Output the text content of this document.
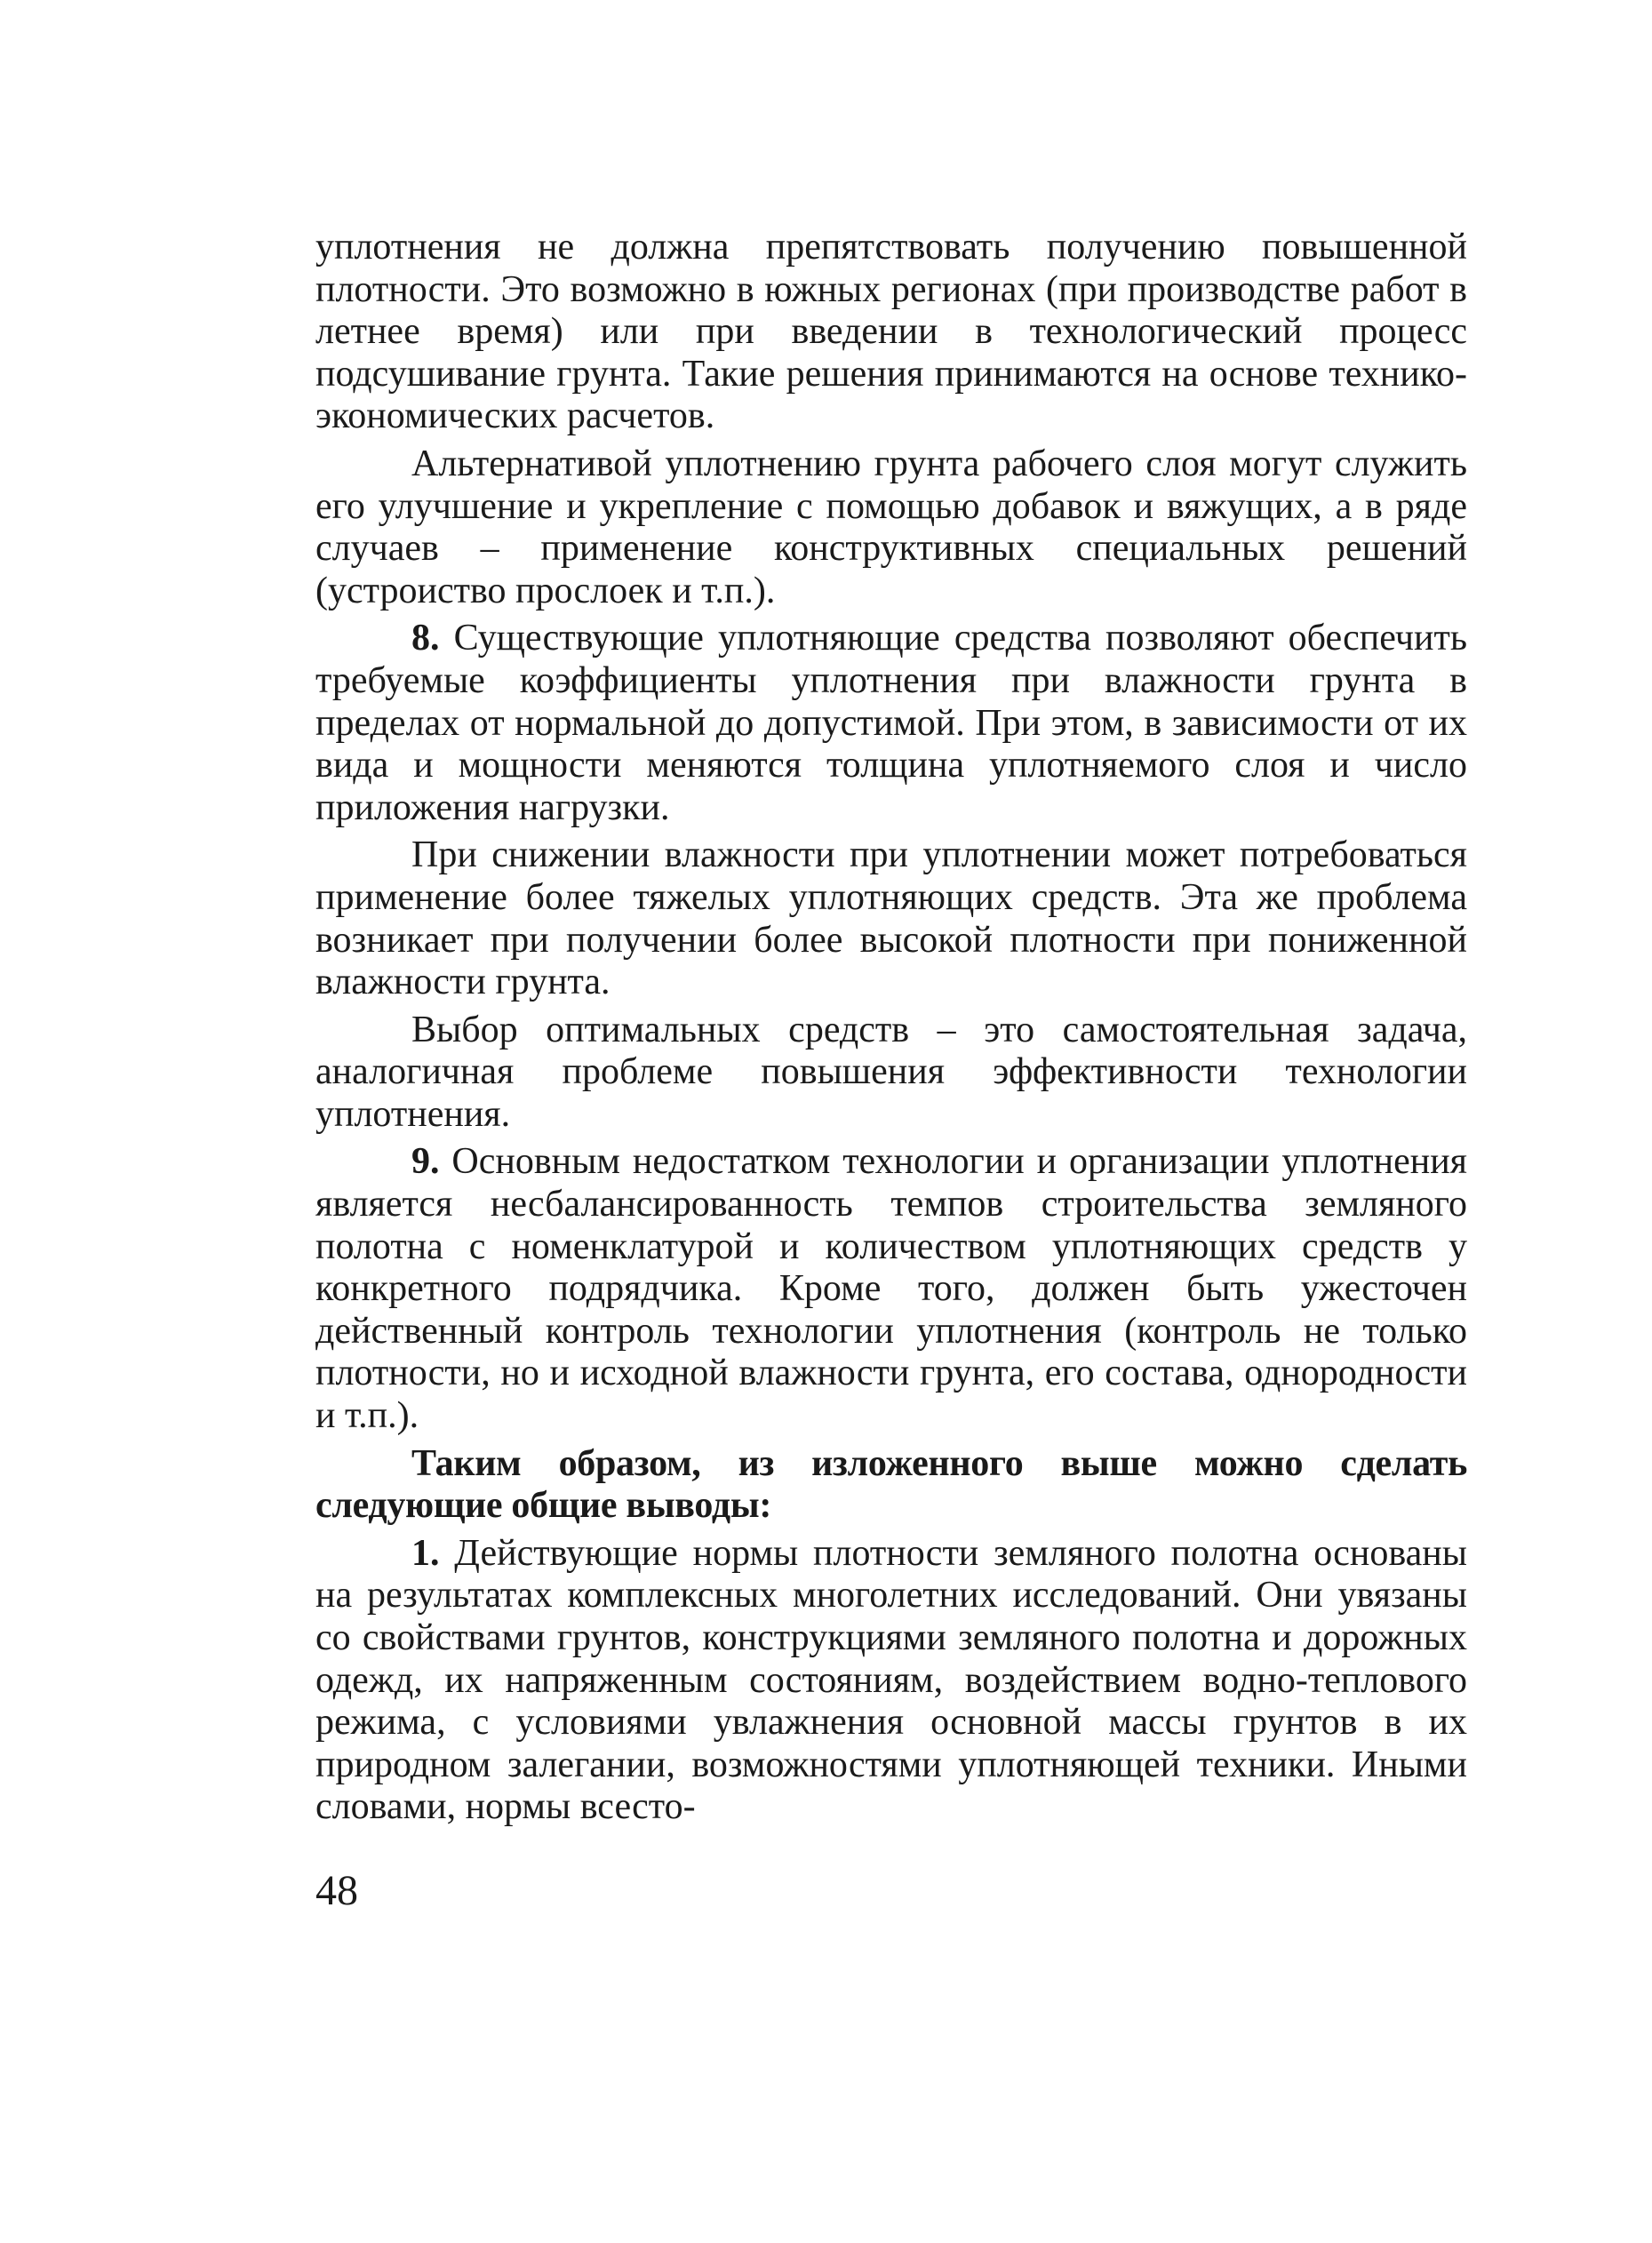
уплотнения не должна препятствовать получению повышенной плотности. Это возможно в южных регионах (при производстве работ в летнее время) или при введении в технологический процесс подсушивание грунта. Такие решения принимаются на основе технико-экономических расчетов.

Альтернативой уплотнению грунта рабочего слоя могут служить его улучшение и укрепление с помощью добавок и вяжущих, а в ряде случаев – применение конструктивных специальных решений (устроиство прослоек и т.п.).

8. Существующие уплотняющие средства позволяют обеспечить требуемые коэффициенты уплотнения при влажности грунта в пределах от нормальной до допустимой. При этом, в зависимости от их вида и мощности меняются толщина уплотняемого слоя и число приложения нагрузки.

При снижении влажности при уплотнении может потребоваться применение более тяжелых уплотняющих средств. Эта же проблема возникает при получении более высокой плотности при пониженной влажности грунта.

Выбор оптимальных средств – это самостоятельная задача, аналогичная проблеме повышения эффективности технологии уплотнения.

9. Основным недостатком технологии и организации уплотнения является несбалансированность темпов строительства земляного полотна с номенклатурой и количеством уплотняющих средств у конкретного подрядчика. Кроме того, должен быть ужесточен действенный контроль технологии уплотнения (контроль не только плотности, но и исходной влажности грунта, его состава, однородности и т.п.).

Таким образом, из изложенного выше можно сделать следующие общие выводы:

1. Действующие нормы плотности земляного полотна основаны на результатах комплексных многолетних исследований. Они увязаны со свойствами грунтов, конструкциями земляного полотна и дорожных одежд, их напряженным состояниям, воздействием водно-теплового режима, с условиями увлажнения основной массы грунтов в их природном залегании, возможностями уплотняющей техники. Иными словами, нормы всесто-

48
